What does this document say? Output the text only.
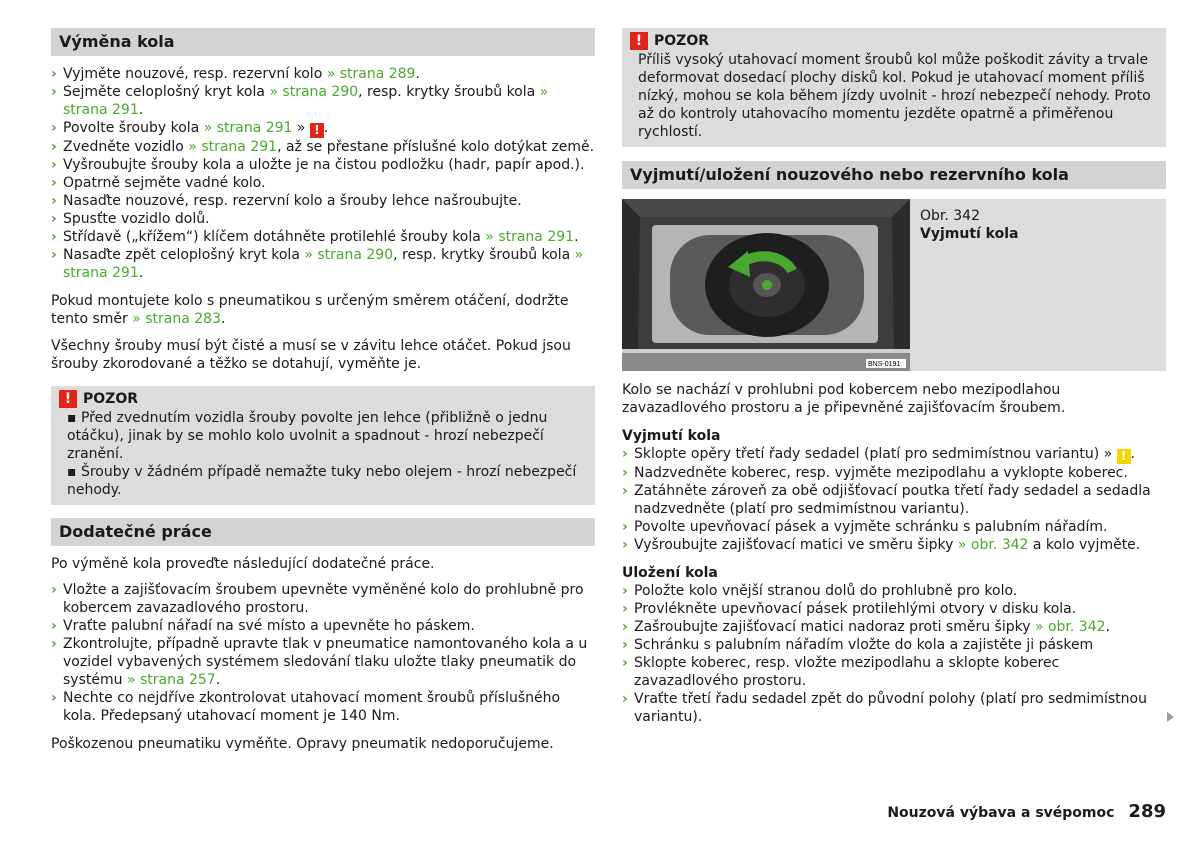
Výměna kola
› Vyjměte nouzové, resp. rezervní kolo » strana 289.
› Sejměte celoplošný kryt kola » strana 290, resp. krytky šroubů kola » strana 291.
› Povolte šrouby kola » strana 291 » ! .
› Zvedněte vozidlo » strana 291, až se přestane příslušné kolo dotýkat země.
› Vyšroubujte šrouby kola a uložte je na čistou podložku (hadr, papír apod.).
› Opatrně sejměte vadné kolo.
› Nasaďte nouzové, resp. rezervní kolo a šrouby lehce našroubujte.
› Spusťte vozidlo dolů.
› Střídavě („křížem“) klíčem dotáhněte protilehlé šrouby kola » strana 291.
› Nasaďte zpět celoplošný kryt kola » strana 290, resp. krytky šroubů kola » strana 291.

Pokud montujete kolo s pneumatikou s určeným směrem otáčení, dodržte tento směr » strana 283.

Všechny šrouby musí být čisté a musí se v závitu lehce otáčet. Pokud jsou šrouby zkorodované a těžko se dotahují, vyměňte je.

! POZOR
▪ Před zvednutím vozidla šrouby povolte jen lehce (přibližně o jednu otáčku), jinak by se mohlo kolo uvolnit a spadnout - hrozí nebezpečí zranění.
▪ Šrouby v žádném případě nemažte tuky nebo olejem - hrozí nebezpečí nehody.
Dodatečné práce

Po výměně kola proveďte následující dodatečné práce.

› Vložte a zajišťovacím šroubem upevněte vyměněné kolo do prohlubně pro kobercem zavazadlového prostoru.
› Vraťte palubní nářadí na své místo a upevněte ho páskem.
› Zkontrolujte, případně upravte tlak v pneumatice namontovaného kola a u vozidel vybavených systémem sledování tlaku uložte tlaky pneumatik do systému » strana 257.
› Nechte co nejdříve zkontrolovat utahovací moment šroubů příslušného kola. Předepsaný utahovací moment je 140 Nm.

Poškozenou pneumatiku vyměňte. Opravy pneumatik nedoporučujeme.

! POZOR
Příliš vysoký utahovací moment šroubů kol může poškodit závity a trvale deformovat dosedací plochy disků kol. Pokud je utahovací moment příliš nízký, mohou se kola během jízdy uvolnit - hrozí nebezpečí nehody. Proto až do kontroly utahovacího momentu jezděte opatrně a přiměřenou rychlostí.
Vyjmutí/uložení nouzového nebo rezervního kola
BNS-0191
Obr. 342
Vyjmutí kola

Kolo se nachází v prohlubni pod kobercem nebo mezipodlahou zavazadlového prostoru a je připevněné zajišťovacím šroubem.

Vyjmutí kola
› Sklopte opěry třetí řady sedadel (platí pro sedmimístnou variantu) » ! .
› Nadzvedněte koberec, resp. vyjměte mezipodlahu a vyklopte koberec.
› Zatáhněte zároveň za obě odjišťovací poutka třetí řady sedadel a sedadla nadzvedněte (platí pro sedmimístnou variantu).
› Povolte upevňovací pásek a vyjměte schránku s palubním nářadím.
› Vyšroubujte zajišťovací matici ve směru šipky » obr. 342 a kolo vyjměte.
Uložení kola
› Položte kolo vnější stranou dolů do prohlubně pro kolo.
› Provlékněte upevňovací pásek protilehlými otvory v disku kola.
› Zašroubujte zajišťovací matici nadoraz proti směru šipky » obr. 342.
› Schránku s palubním nářadím vložte do kola a zajistěte ji páskem
› Sklopte koberec, resp. vložte mezipodlahu a sklopte koberec zavazadlového prostoru.
› Vraťte třetí řadu sedadel zpět do původní polohy (platí pro sedmimístnou variantu).
Nouzová výbava a svépomoc 289
